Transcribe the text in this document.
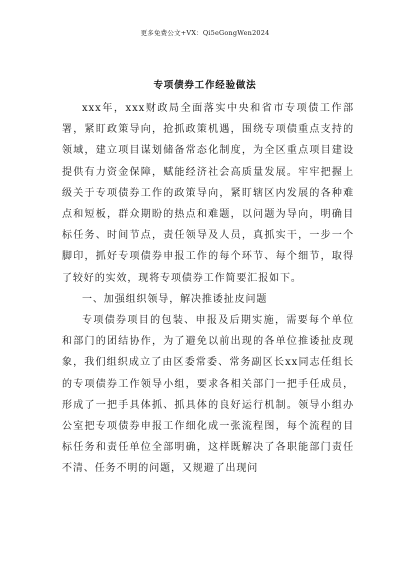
更多免费公文+VX：Qi5eGongWen2024
专项债券工作经验做法

xxx年，xxx财政局全面落实中央和省市专项债工作部署，紧盯政策导向，抢抓政策机遇，围绕专项债重点支持的领域，建立项目谋划储备常态化制度，为全区重点项目建设提供有力资金保障，赋能经济社会高质量发展。牢牢把握上级关于专项债券工作的政策导向，紧盯辖区内发展的各种难点和短板，群众期盼的热点和难题，以问题为导向，明确目标任务、时间节点，责任领导及人员，真抓实干，一步一个脚印，抓好专项债券申报工作的每个环节、每个细节，取得了较好的实效，现将专项债券工作简要汇报如下。

一、加强组织领导，解决推诿扯皮问题

专项债券项目的包装、申报及后期实施，需要每个单位和部门的团结协作，为了避免以前出现的各单位推诿扯皮现象，我们组织成立了由区委常委、常务副区长xx同志任组长的专项债券工作领导小组，要求各相关部门一把手任成员，形成了一把手具体抓、抓具体的良好运行机制。领导小组办公室把专项债券申报工作细化成一张流程图，每个流程的目标任务和责任单位全部明确，这样既解决了各职能部门责任不清、任务不明的问题，又规避了出现问
